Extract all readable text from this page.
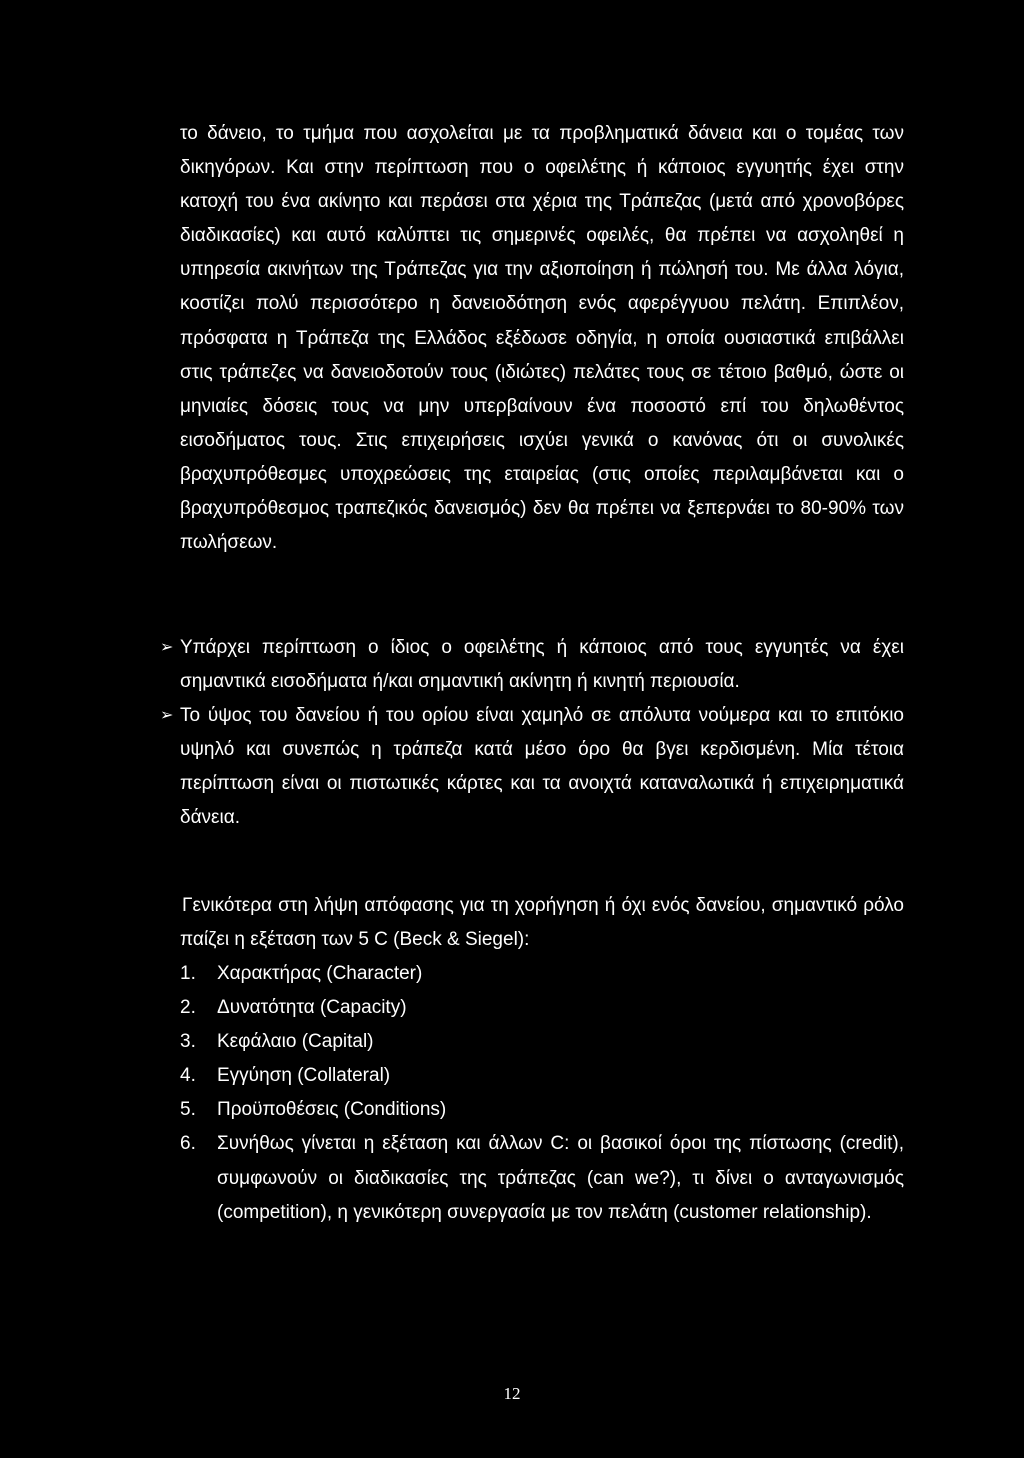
το δάνειο, το τμήμα που ασχολείται με τα προβληματικά δάνεια και ο τομέας των δικηγόρων. Και στην περίπτωση που ο οφειλέτης ή κάποιος εγγυητής έχει στην κατοχή του ένα ακίνητο και περάσει στα χέρια της Τράπεζας (μετά από χρονοβόρες διαδικασίες) και αυτό καλύπτει τις σημερινές οφειλές, θα πρέπει να ασχοληθεί η υπηρεσία ακινήτων της Τράπεζας για την αξιοποίηση ή πώλησή του. Με άλλα λόγια, κοστίζει πολύ περισσότερο η δανειοδότηση ενός αφερέγγυου πελάτη. Επιπλέον, πρόσφατα η Τράπεζα της Ελλάδος εξέδωσε οδηγία, η οποία ουσιαστικά επιβάλλει στις τράπεζες να δανειοδοτούν τους (ιδιώτες) πελάτες τους σε τέτοιο βαθμό, ώστε οι μηνιαίες δόσεις τους να μην υπερβαίνουν ένα ποσοστό επί του δηλωθέντος εισοδήματος τους. Στις επιχειρήσεις ισχύει γενικά ο κανόνας ότι οι συνολικές βραχυπρόθεσμες υποχρεώσεις της εταιρείας (στις οποίες περιλαμβάνεται και ο βραχυπρόθεσμος τραπεζικός δανεισμός) δεν θα πρέπει να ξεπερνάει το 80-90% των πωλήσεων.

➢ Υπάρχει περίπτωση ο ίδιος ο οφειλέτης ή κάποιος από τους εγγυητές να έχει σημαντικά εισοδήματα ή/και σημαντική ακίνητη ή κινητή περιουσία.
➢ Το ύψος του δανείου ή του ορίου είναι χαμηλό σε απόλυτα νούμερα και το επιτόκιο υψηλό και συνεπώς η τράπεζα κατά μέσο όρο θα βγει κερδισμένη. Μία τέτοια περίπτωση είναι οι πιστωτικές κάρτες και τα ανοιχτά καταναλωτικά ή επιχειρηματικά δάνεια.

Γενικότερα στη λήψη απόφασης για τη χορήγηση ή όχι ενός δανείου, σημαντικό ρόλο παίζει η εξέταση των 5 C (Beck & Siegel):

1. Χαρακτήρας (Character)
2. Δυνατότητα (Capacity)
3. Κεφάλαιο (Capital)
4. Εγγύηση (Collateral)
5. Προϋποθέσεις (Conditions)
6. Συνήθως γίνεται η εξέταση και άλλων C: οι βασικοί όροι της πίστωσης (credit), συμφωνούν οι διαδικασίες της τράπεζας (can we?), τι δίνει ο ανταγωνισμός (competition), η γενικότερη συνεργασία με τον πελάτη (customer relationship).
12
